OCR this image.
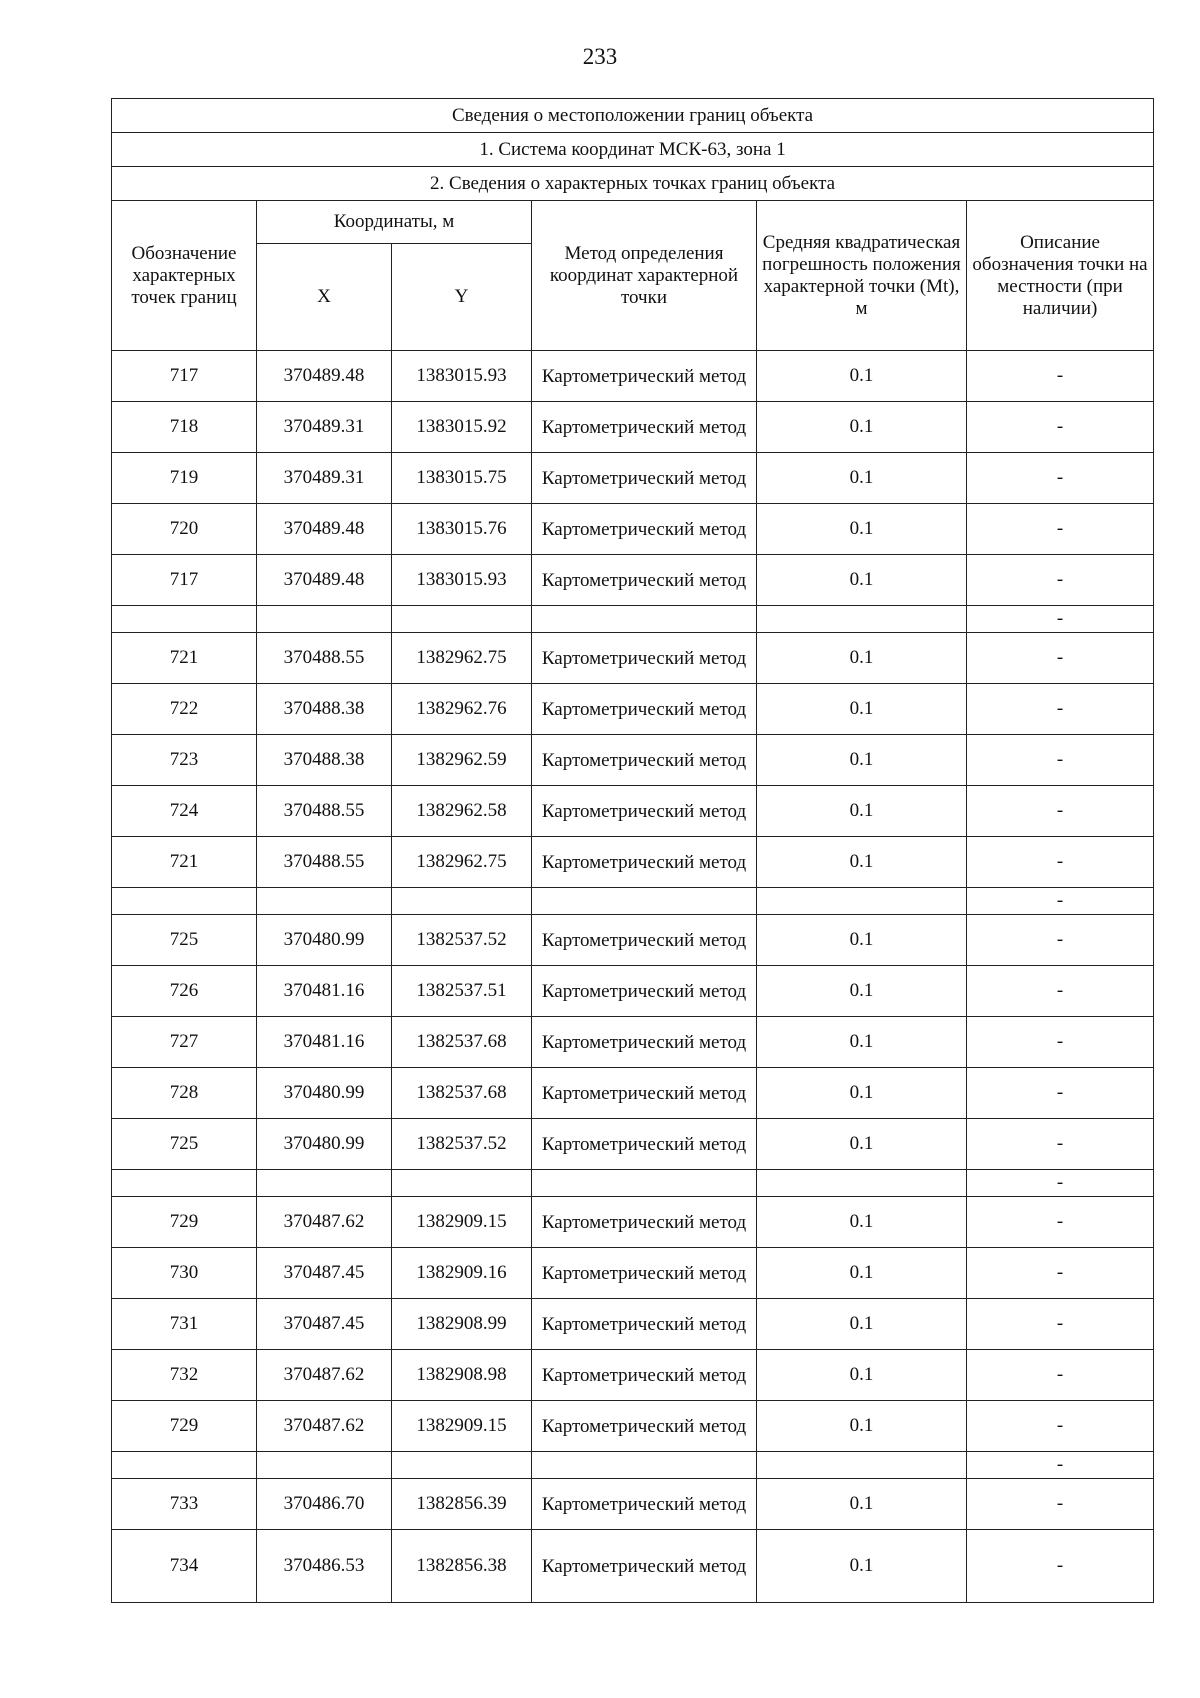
233
Сведения о местоположении границ объекта					
1. Система координат МСК-63, зона 1					
2. Сведения о характерных точках границ объекта					
Обозначение характерных точек границ	Координаты, м		Метод определения координат характерной точки	Средняя квадратическая погрешность положения характерной точки (Mt), м	Описание обозначения точки на местности (при наличии)
	X	Y			
717	370489.48	1383015.93	Картометрический метод	0.1	-
718	370489.31	1383015.92	Картометрический метод	0.1	-
719	370489.31	1383015.75	Картометрический метод	0.1	-
720	370489.48	1383015.76	Картометрический метод	0.1	-
717	370489.48	1383015.93	Картометрический метод	0.1	-
					-
721	370488.55	1382962.75	Картометрический метод	0.1	-
722	370488.38	1382962.76	Картометрический метод	0.1	-
723	370488.38	1382962.59	Картометрический метод	0.1	-
724	370488.55	1382962.58	Картометрический метод	0.1	-
721	370488.55	1382962.75	Картометрический метод	0.1	-
					-
725	370480.99	1382537.52	Картометрический метод	0.1	-
726	370481.16	1382537.51	Картометрический метод	0.1	-
727	370481.16	1382537.68	Картометрический метод	0.1	-
728	370480.99	1382537.68	Картометрический метод	0.1	-
725	370480.99	1382537.52	Картометрический метод	0.1	-
					-
729	370487.62	1382909.15	Картометрический метод	0.1	-
730	370487.45	1382909.16	Картометрический метод	0.1	-
731	370487.45	1382908.99	Картометрический метод	0.1	-
732	370487.62	1382908.98	Картометрический метод	0.1	-
729	370487.62	1382909.15	Картометрический метод	0.1	-
					-
733	370486.70	1382856.39	Картометрический метод	0.1	-
734	370486.53	1382856.38	Картометрический метод	0.1	-
